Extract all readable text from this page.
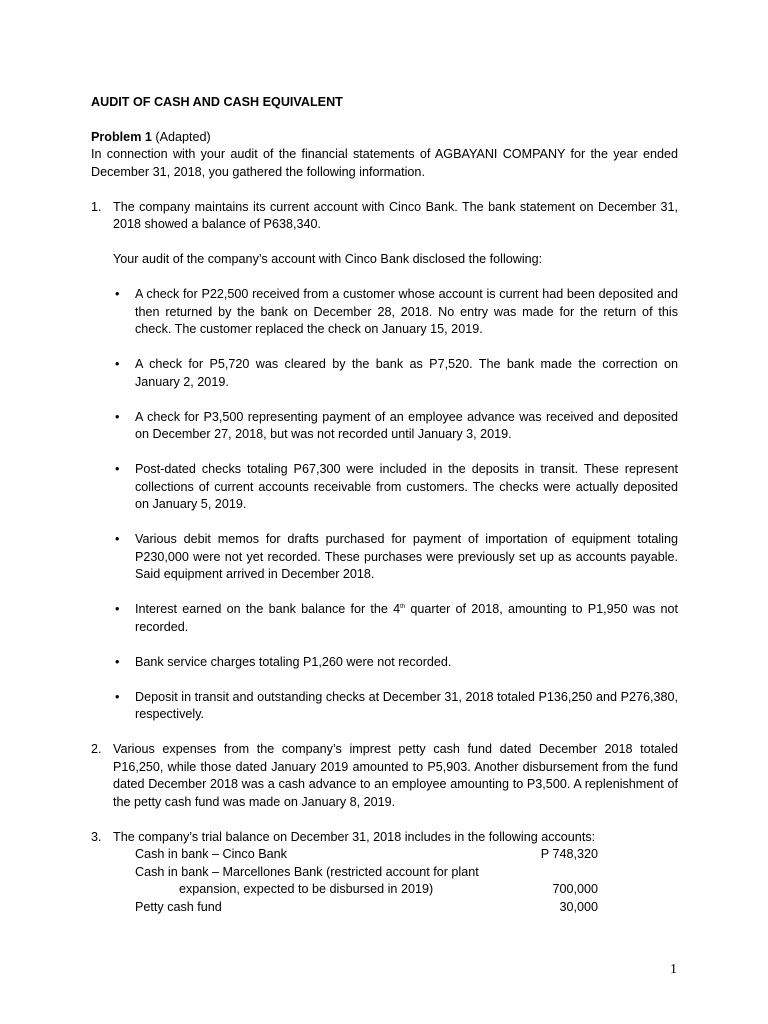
AUDIT OF CASH AND CASH EQUIVALENT
Problem 1 (Adapted)

In connection with your audit of the financial statements of AGBAYANI COMPANY for the year ended December 31, 2018, you gathered the following information.

1. The company maintains its current account with Cinco Bank. The bank statement on December 31, 2018 showed a balance of P638,340.

Your audit of the company’s account with Cinco Bank disclosed the following:

• A check for P22,500 received from a customer whose account is current had been deposited and then returned by the bank on December 28, 2018. No entry was made for the return of this check. The customer replaced the check on January 15, 2019.
• A check for P5,720 was cleared by the bank as P7,520. The bank made the correction on January 2, 2019.
• A check for P3,500 representing payment of an employee advance was received and deposited on December 27, 2018, but was not recorded until January 3, 2019.
• Post-dated checks totaling P67,300 were included in the deposits in transit. These represent collections of current accounts receivable from customers. The checks were actually deposited on January 5, 2019.
• Various debit memos for drafts purchased for payment of importation of equipment totaling P230,000 were not yet recorded. These purchases were previously set up as accounts payable. Said equipment arrived in December 2018.
• Interest earned on the bank balance for the 4th quarter of 2018, amounting to P1,950 was not recorded.
• Bank service charges totaling P1,260 were not recorded.
• Deposit in transit and outstanding checks at December 31, 2018 totaled P136,250 and P276,380, respectively.
2. Various expenses from the company’s imprest petty cash fund dated December 2018 totaled P16,250, while those dated January 2019 amounted to P5,903. Another disbursement from the fund dated December 2018 was a cash advance to an employee amounting to P3,500. A replenishment of the petty cash fund was made on January 8, 2019.

3. The company’s trial balance on December 31, 2018 includes in the following accounts:

Cash in bank – Cinco Bank	P 748,320
Cash in bank – Marcellones Bank (restricted account for plant
expansion, expected to be disbursed in 2019)	700,000
Petty cash fund	30,000
1
